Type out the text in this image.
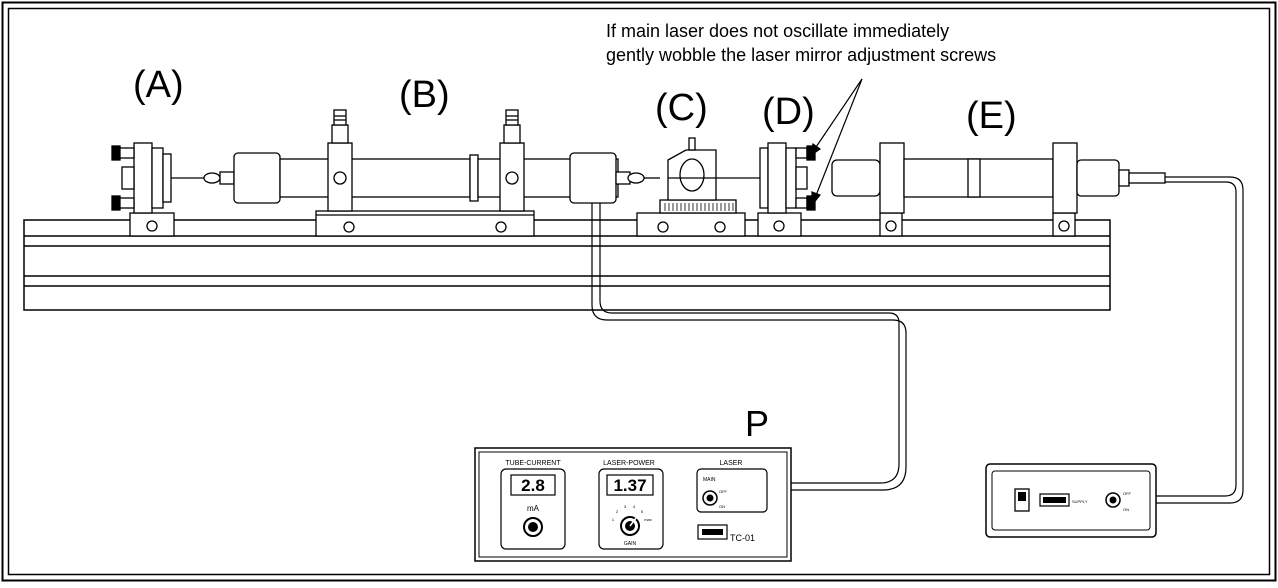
If main laser does not oscillate immediately
gently wobble the laser mirror adjustment screws
(A)	(B)	(C) (D)	(E)
P
TUBE-CURRENT
2.8
mA
LASER-POWER
1.37
1
2
3 4
5
max
GAIN
LASER
MAIN
OFF
ON
TC-01
SUPPLY
OFF
ON
